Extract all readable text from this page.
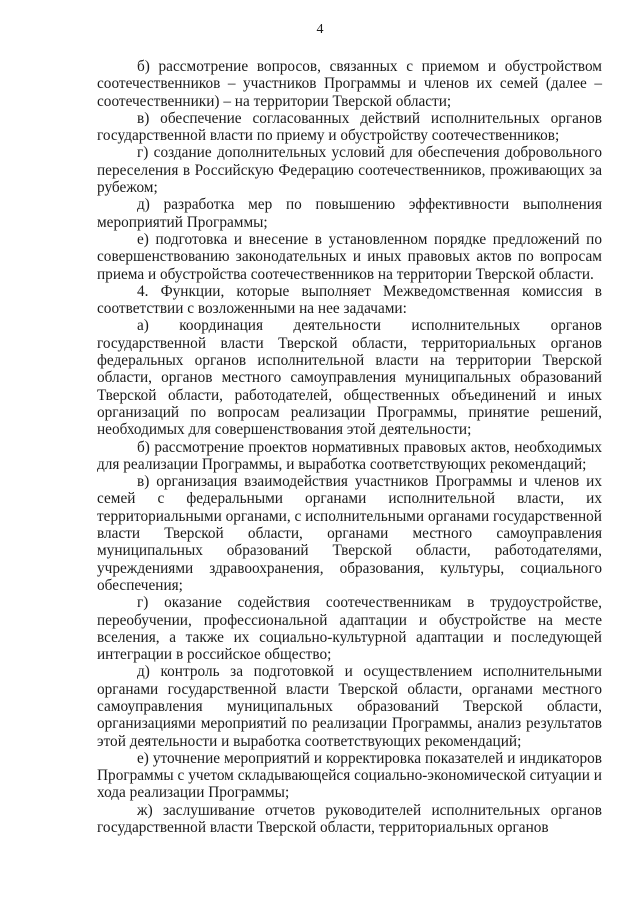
4

б) рассмотрение вопросов, связанных с приемом и обустройством соотечественников – участников Программы и членов их семей (далее – соотечественники) – на территории Тверской области;

в) обеспечение согласованных действий исполнительных органов государственной власти по приему и обустройству соотечественников;

г) создание дополнительных условий для обеспечения добровольного переселения в Российскую Федерацию соотечественников, проживающих за рубежом;

д) разработка мер по повышению эффективности выполнения мероприятий Программы;

е) подготовка и внесение в установленном порядке предложений по совершенствованию законодательных и иных правовых актов по вопросам приема и обустройства соотечественников на территории Тверской области.

4. Функции, которые выполняет Межведомственная комиссия в соответствии с возложенными на нее задачами:

а) координация деятельности исполнительных органов государственной власти Тверской области, территориальных органов федеральных органов исполнительной власти на территории Тверской области, органов местного самоуправления муниципальных образований Тверской области, работодателей, общественных объединений и иных организаций по вопросам реализации Программы, принятие решений, необходимых для совершенствования этой деятельности;

б) рассмотрение проектов нормативных правовых актов, необходимых для реализации Программы, и выработка соответствующих рекомендаций;

в) организация взаимодействия участников Программы и членов их семей с федеральными органами исполнительной власти, их территориальными органами, с исполнительными органами государственной власти Тверской области, органами местного самоуправления муниципальных образований Тверской области, работодателями, учреждениями здравоохранения, образования, культуры, социального обеспечения;

г) оказание содействия соотечественникам в трудоустройстве, переобучении, профессиональной адаптации и обустройстве на месте вселения, а также их социально-культурной адаптации и последующей интеграции в российское общество;

д) контроль за подготовкой и осуществлением исполнительными органами государственной власти Тверской области, органами местного самоуправления муниципальных образований Тверской области, организациями мероприятий по реализации Программы, анализ результатов этой деятельности и выработка соответствующих рекомендаций;

е) уточнение мероприятий и корректировка показателей и индикаторов Программы с учетом складывающейся социально-экономической ситуации и хода реализации Программы;

ж) заслушивание отчетов руководителей исполнительных органов государственной власти Тверской области, территориальных органов
